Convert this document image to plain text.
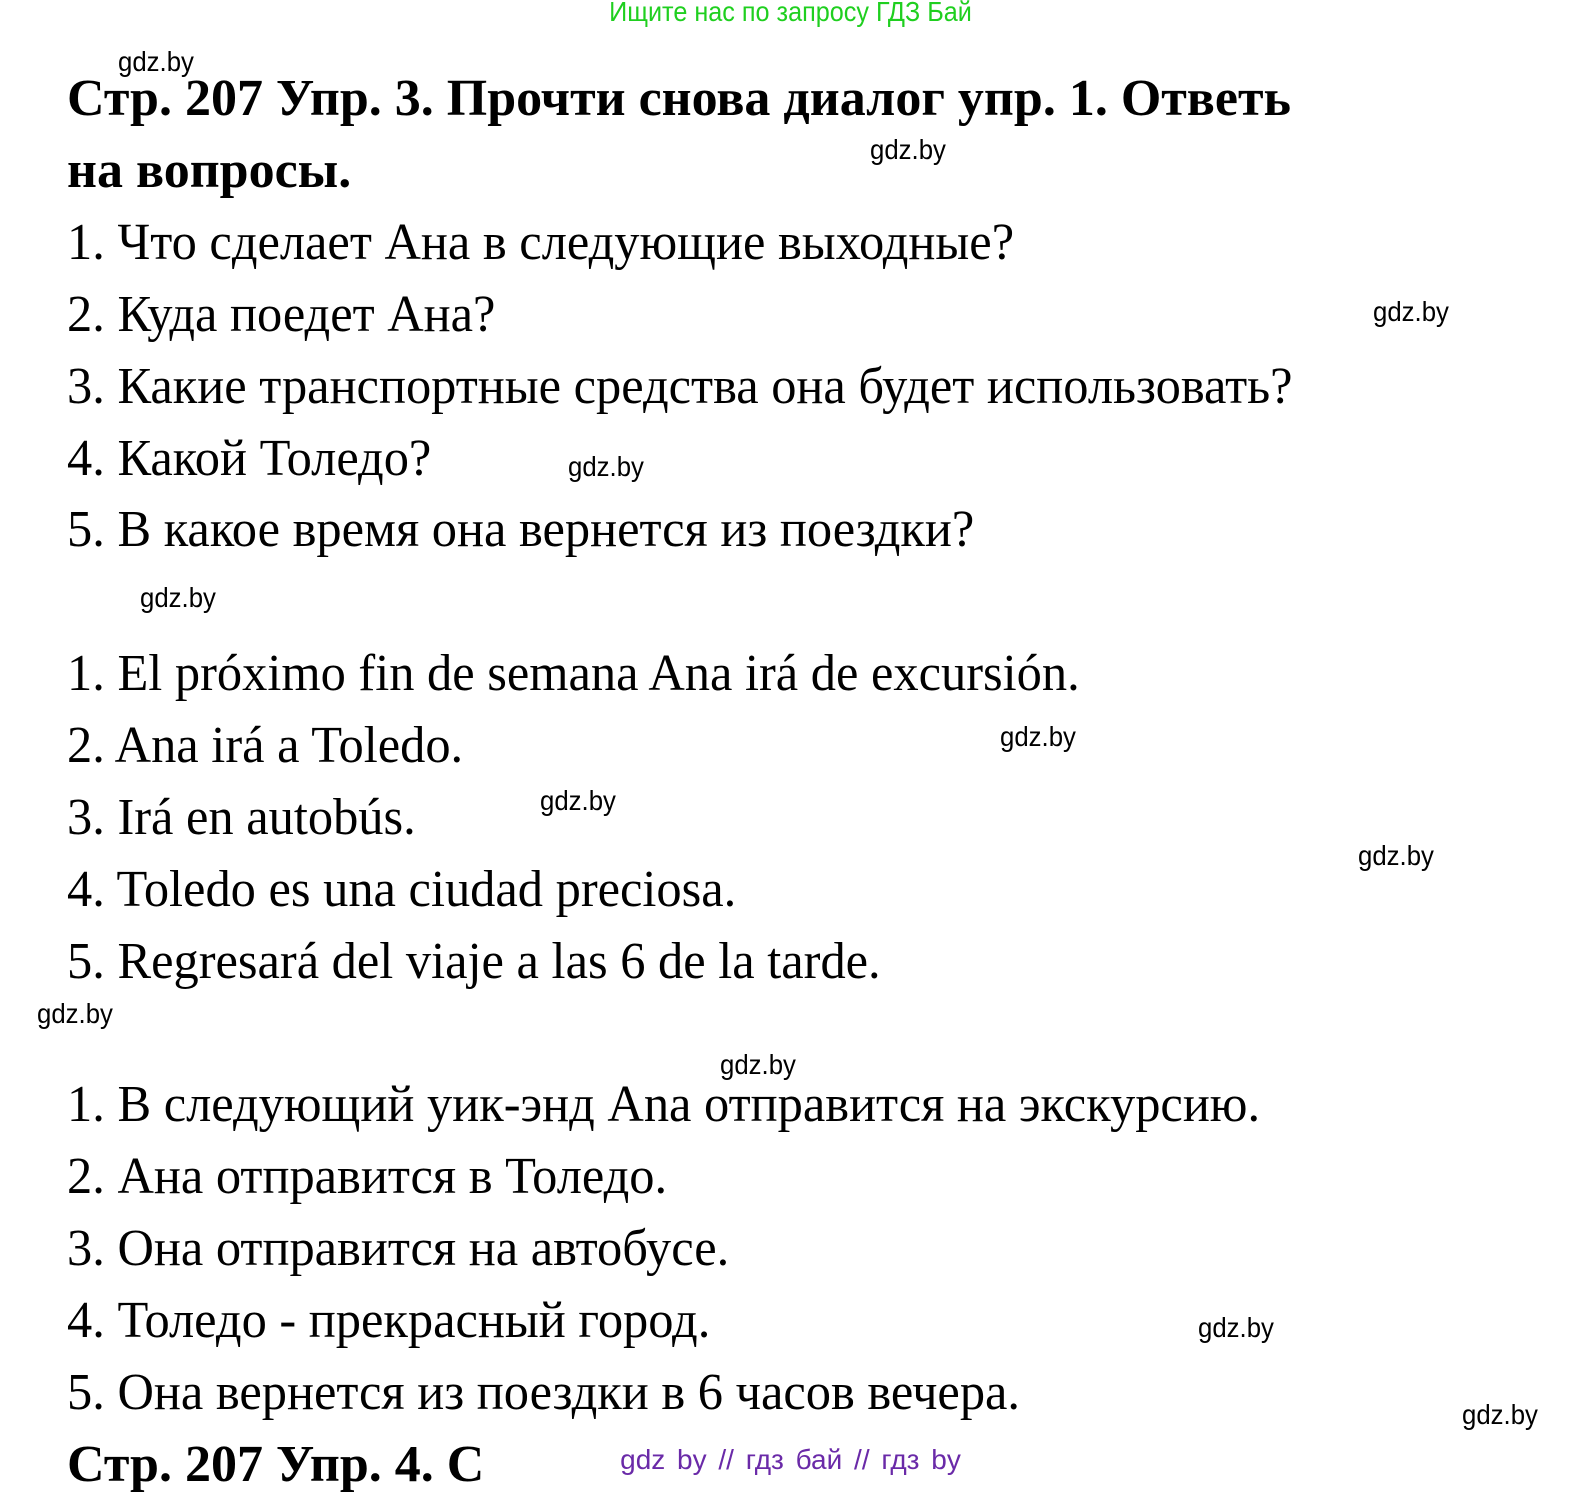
Ищите нас по запросу ГДЗ Бай
Стр. 207 Упр. 3. Прочти снова диалог упр. 1. Ответь
на вопросы.
1. Что сделает Ана в следующие выходные?
2. Куда поедет Ана?
3. Какие транспортные средства она будет использовать?
4. Какой Толедо?
5. В какое время она вернется из поездки?
1. El próximo fin de semana Ana irá de excursión.
2. Ana irá a Toledo.
3. Irá en autobús.
4. Toledo es una ciudad preciosa.
5. Regresará del viaje a las 6 de la tarde.
1. В следующий уик-энд Ana отправится на экскурсию.
2. Ана отправится в Толедо.
3. Она отправится на автобусе.
4. Толедо - прекрасный город.
5. Она вернется из поездки в 6 часов вечера.
Стр. 207 Упр. 4. С
gdz.by
gdz.by
gdz.by
gdz.by
gdz.by
gdz.by
gdz.by
gdz.by
gdz.by
gdz.by
gdz.by
gdz.by
gdz by // гдз бай // гдз by
